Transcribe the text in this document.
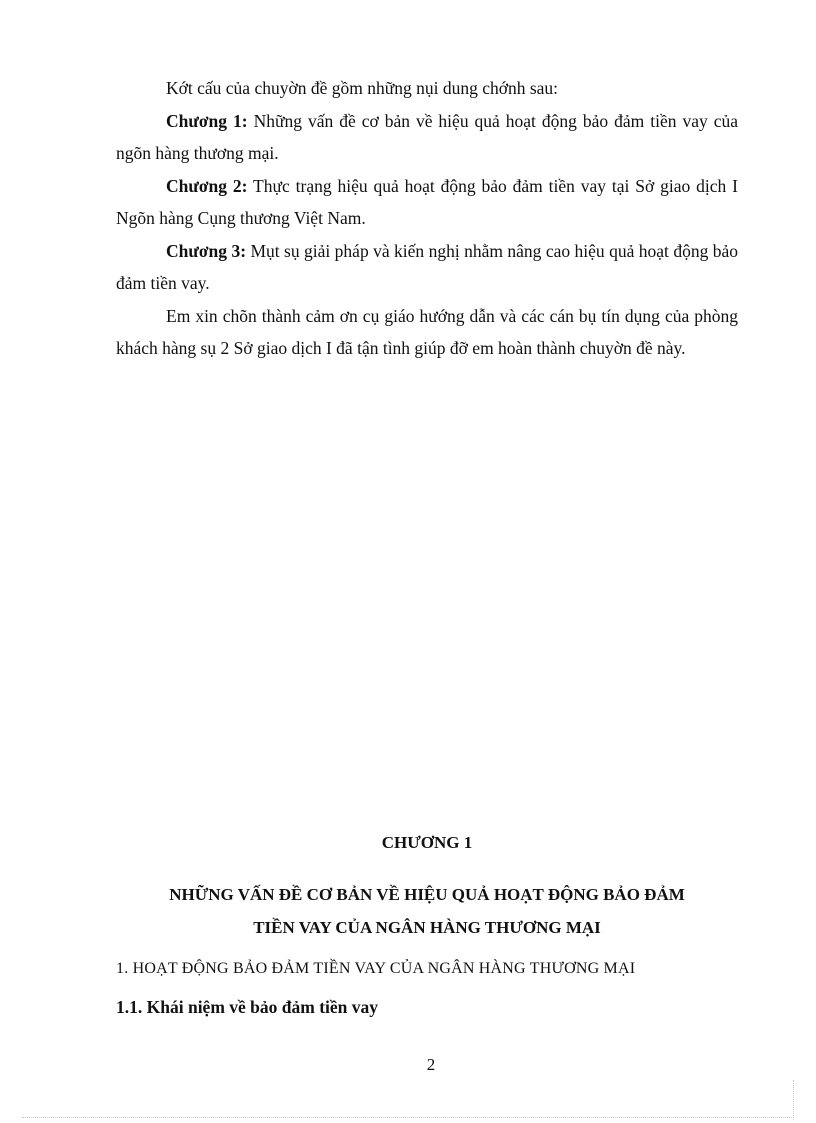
Kớt cấu của chuyờn đề gồm những nụi dung chớnh sau:

Chương 1: Những vấn đề cơ bản về hiệu quả hoạt động bảo đảm tiền vay của ngõn hàng thương mại.

Chương 2: Thực trạng hiệu quả hoạt động bảo đảm tiền vay tại Sở giao dịch I Ngõn hàng Cụng thương Việt Nam.

Chương 3: Mụt sụ giải pháp và kiến nghị nhằm nâng cao hiệu quả hoạt động bảo đảm tiền vay.

Em xin chõn thành cảm ơn cụ giáo hướng dẫn và các cán bụ tín dụng của phòng khách hàng sụ 2 Sở giao dịch I đã tận tình giúp đỡ em hoàn thành chuyờn đề này.

CHƯƠNG 1
NHỮNG VẤN ĐỀ CƠ BẢN VỀ HIỆU QUẢ HOẠT ĐỘNG BẢO ĐẢM
TIỀN VAY CỦA NGÂN HÀNG THƯƠNG MẠI
1. HOẠT ĐỘNG BẢO ĐẢM TIỀN VAY CỦA NGÂN HÀNG THƯƠNG MẠI
1.1. Khái niệm về bảo đảm tiền vay
2
